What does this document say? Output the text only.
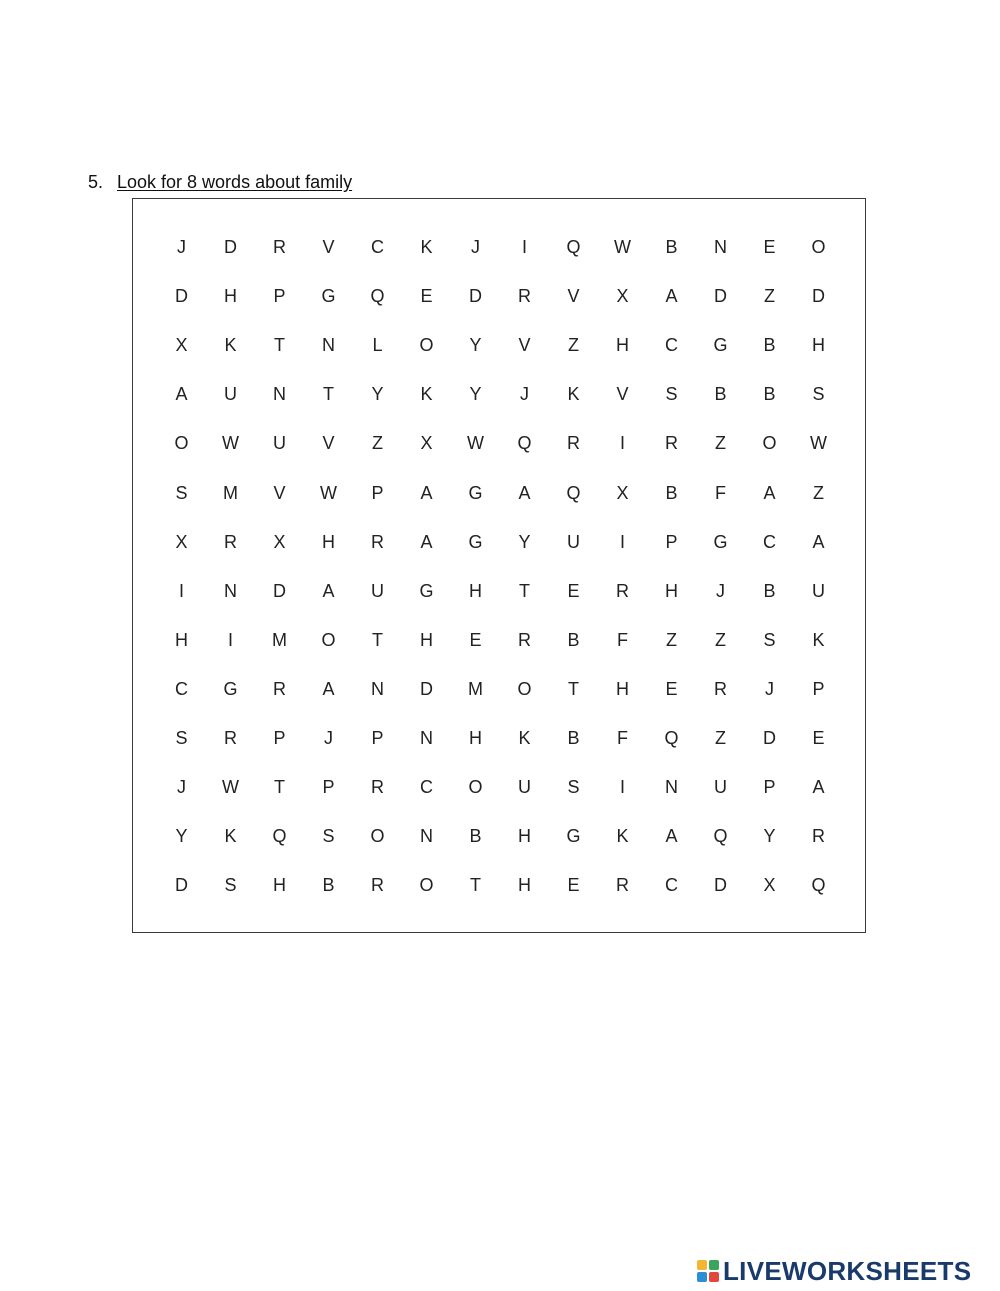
5. Look for 8 words about family
J	D	R	V	C	K	J	I	Q	W	B	N	E	O
D	H	P	G	Q	E	D	R	V	X	A	D	Z	D
X	K	T	N	L	O	Y	V	Z	H	C	G	B	H
A	U	N	T	Y	K	Y	J	K	V	S	B	B	S
O	W	U	V	Z	X	W	Q	R	I	R	Z	O	W
S	M	V	W	P	A	G	A	Q	X	B	F	A	Z
X	R	X	H	R	A	G	Y	U	I	P	G	C	A
I	N	D	A	U	G	H	T	E	R	H	J	B	U
H	I	M	O	T	H	E	R	B	F	Z	Z	S	K
C	G	R	A	N	D	M	O	T	H	E	R	J	P
S	R	P	J	P	N	H	K	B	F	Q	Z	D	E
J	W	T	P	R	C	O	U	S	I	N	U	P	A
Y	K	Q	S	O	N	B	H	G	K	A	Q	Y	R
D	S	H	B	R	O	T	H	E	R	C	D	X	Q
LIVEWORKSHEETS
